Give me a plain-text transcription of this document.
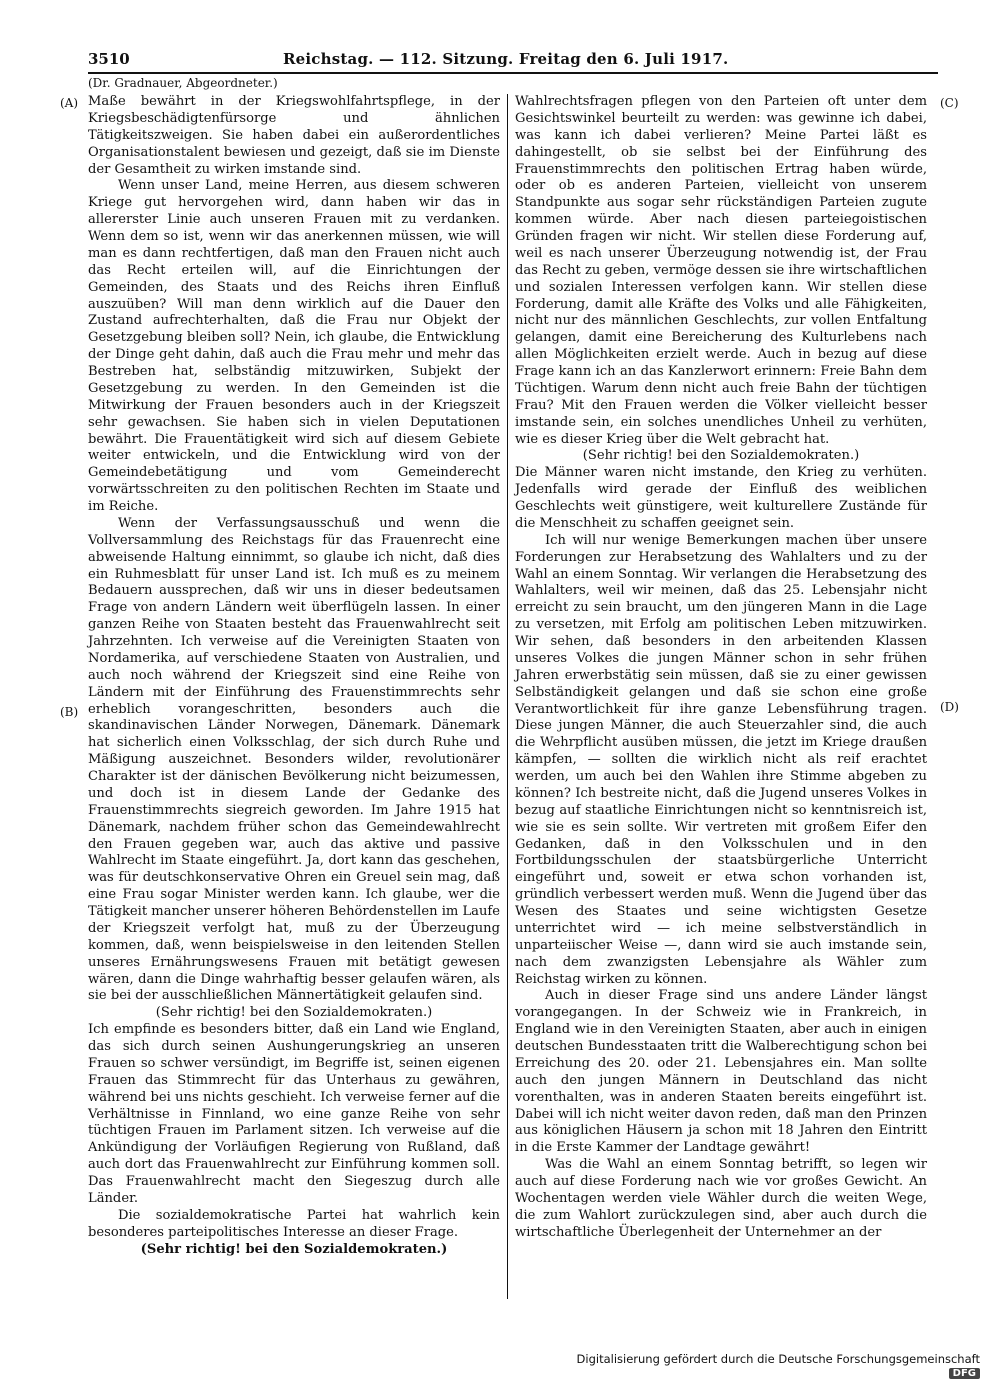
3510	Reichstag. — 112. Sitzung. Freitag den 6. Juli 1917.
(Dr. Gradnauer, Abgeordneter.)
(A)
(B)
(C)
(D)

Maße bewährt in der Kriegswohlfahrtspflege, in der Kriegsbeschädigtenfürsorge und ähnlichen Tätigkeitszweigen. Sie haben dabei ein außerordentliches Organisationstalent bewiesen und gezeigt, daß sie im Dienste der Gesamtheit zu wirken imstande sind.

Wenn unser Land, meine Herren, aus diesem schweren Kriege gut hervorgehen wird, dann haben wir das in allererster Linie auch unseren Frauen mit zu verdanken. Wenn dem so ist, wenn wir das anerkennen müssen, wie will man es dann rechtfertigen, daß man den Frauen nicht auch das Recht erteilen will, auf die Einrichtungen der Gemeinden, des Staats und des Reichs ihren Einfluß auszuüben? Will man denn wirklich auf die Dauer den Zustand aufrechterhalten, daß die Frau nur Objekt der Gesetzgebung bleiben soll? Nein, ich glaube, die Entwicklung der Dinge geht dahin, daß auch die Frau mehr und mehr das Bestreben hat, selbständig mitzuwirken, Subjekt der Gesetzgebung zu werden. In den Gemeinden ist die Mitwirkung der Frauen besonders auch in der Kriegszeit sehr gewachsen. Sie haben sich in vielen Deputationen bewährt. Die Frauentätigkeit wird sich auf diesem Gebiete weiter entwickeln, und die Entwicklung wird von der Gemeindebetätigung und vom Gemeinderecht vorwärtsschreiten zu den politischen Rechten im Staate und im Reiche.

Wenn der Verfassungsausschuß und wenn die Vollversammlung des Reichstags für das Frauenrecht eine abweisende Haltung einnimmt, so glaube ich nicht, daß dies ein Ruhmesblatt für unser Land ist. Ich muß es zu meinem Bedauern aussprechen, daß wir uns in dieser bedeutsamen Frage von andern Ländern weit überflügeln lassen. In einer ganzen Reihe von Staaten besteht das Frauenwahlrecht seit Jahrzehnten. Ich verweise auf die Vereinigten Staaten von Nordamerika, auf verschiedene Staaten von Australien, und auch noch während der Kriegszeit sind eine Reihe von Ländern mit der Einführung des Frauenstimmrechts sehr erheblich vorangeschritten, besonders auch die skandinavischen Länder Norwegen, Dänemark. Dänemark hat sicherlich einen Volksschlag, der sich durch Ruhe und Mäßigung auszeichnet. Besonders wilder, revolutionärer Charakter ist der dänischen Bevölkerung nicht beizumessen, und doch ist in diesem Lande der Gedanke des Frauenstimmrechts siegreich geworden. Im Jahre 1915 hat Dänemark, nachdem früher schon das Gemeindewahlrecht den Frauen gegeben war, auch das aktive und passive Wahlrecht im Staate eingeführt. Ja, dort kann das geschehen, was für deutschkonservative Ohren ein Greuel sein mag, daß eine Frau sogar Minister werden kann. Ich glaube, wer die Tätigkeit mancher unserer höheren Behördenstellen im Laufe der Kriegszeit verfolgt hat, muß zu der Überzeugung kommen, daß, wenn beispielsweise in den leitenden Stellen unseres Ernährungswesens Frauen mit betätigt gewesen wären, dann die Dinge wahrhaftig besser gelaufen wären, als sie bei der ausschließlichen Männertätigkeit gelaufen sind.

(Sehr richtig! bei den Sozialdemokraten.)

Ich empfinde es besonders bitter, daß ein Land wie England, das sich durch seinen Aushungerungskrieg an unseren Frauen so schwer versündigt, im Begriffe ist, seinen eigenen Frauen das Stimmrecht für das Unterhaus zu gewähren, während bei uns nichts geschieht. Ich verweise ferner auf die Verhältnisse in Finnland, wo eine ganze Reihe von sehr tüchtigen Frauen im Parlament sitzen. Ich verweise auf die Ankündigung der Vorläufigen Regierung von Rußland, daß auch dort das Frauenwahlrecht zur Einführung kommen soll. Das Frauenwahlrecht macht den Siegeszug durch alle Länder.

Die sozialdemokratische Partei hat wahrlich kein besonderes parteipolitisches Interesse an dieser Frage.

(Sehr richtig! bei den Sozialdemokraten.)

Wahlrechtsfragen pflegen von den Parteien oft unter dem Gesichtswinkel beurteilt zu werden: was gewinne ich dabei, was kann ich dabei verlieren? Meine Partei läßt es dahingestellt, ob sie selbst bei der Einführung des Frauenstimmrechts den politischen Ertrag haben würde, oder ob es anderen Parteien, vielleicht von unserem Standpunkte aus sogar sehr rückständigen Parteien zugute kommen würde. Aber nach diesen parteiegoistischen Gründen fragen wir nicht. Wir stellen diese Forderung auf, weil es nach unserer Überzeugung notwendig ist, der Frau das Recht zu geben, vermöge dessen sie ihre wirtschaftlichen und sozialen Interessen verfolgen kann. Wir stellen diese Forderung, damit alle Kräfte des Volks und alle Fähigkeiten, nicht nur des männlichen Geschlechts, zur vollen Entfaltung gelangen, damit eine Bereicherung des Kulturlebens nach allen Möglichkeiten erzielt werde. Auch in bezug auf diese Frage kann ich an das Kanzlerwort erinnern: Freie Bahn dem Tüchtigen. Warum denn nicht auch freie Bahn der tüchtigen Frau? Mit den Frauen werden die Völker vielleicht besser imstande sein, ein solches unendliches Unheil zu verhüten, wie es dieser Krieg über die Welt gebracht hat.

(Sehr richtig! bei den Sozialdemokraten.)

Die Männer waren nicht imstande, den Krieg zu verhüten. Jedenfalls wird gerade der Einfluß des weiblichen Geschlechts weit günstigere, weit kulturellere Zustände für die Menschheit zu schaffen geeignet sein.

Ich will nur wenige Bemerkungen machen über unsere Forderungen zur Herabsetzung des Wahlalters und zu der Wahl an einem Sonntag. Wir verlangen die Herabsetzung des Wahlalters, weil wir meinen, daß das 25. Lebensjahr nicht erreicht zu sein braucht, um den jüngeren Mann in die Lage zu versetzen, mit Erfolg am politischen Leben mitzuwirken. Wir sehen, daß besonders in den arbeitenden Klassen unseres Volkes die jungen Männer schon in sehr frühen Jahren erwerbstätig sein müssen, daß sie zu einer gewissen Selbständigkeit gelangen und daß sie schon eine große Verantwortlichkeit für ihre ganze Lebensführung tragen. Diese jungen Männer, die auch Steuerzahler sind, die auch die Wehrpflicht ausüben müssen, die jetzt im Kriege draußen kämpfen, — sollten die wirklich nicht als reif erachtet werden, um auch bei den Wahlen ihre Stimme abgeben zu können? Ich bestreite nicht, daß die Jugend unseres Volkes in bezug auf staatliche Einrichtungen nicht so kenntnisreich ist, wie sie es sein sollte. Wir vertreten mit großem Eifer den Gedanken, daß in den Volksschulen und in den Fortbildungsschulen der staatsbürgerliche Unterricht eingeführt und, soweit er etwa schon vorhanden ist, gründlich verbessert werden muß. Wenn die Jugend über das Wesen des Staates und seine wichtigsten Gesetze unterrichtet wird — ich meine selbstverständlich in unparteiischer Weise —, dann wird sie auch imstande sein, nach dem zwanzigsten Lebensjahre als Wähler zum Reichstag wirken zu können.

Auch in dieser Frage sind uns andere Länder längst vorangegangen. In der Schweiz wie in Frankreich, in England wie in den Vereinigten Staaten, aber auch in einigen deutschen Bundesstaaten tritt die Walberechtigung schon bei Erreichung des 20. oder 21. Lebensjahres ein. Man sollte auch den jungen Männern in Deutschland das nicht vorenthalten, was in anderen Staaten bereits eingeführt ist. Dabei will ich nicht weiter davon reden, daß man den Prinzen aus königlichen Häusern ja schon mit 18 Jahren den Eintritt in die Erste Kammer der Landtage gewährt!

Was die Wahl an einem Sonntag betrifft, so legen wir auch auf diese Forderung nach wie vor großes Gewicht. An Wochentagen werden viele Wähler durch die weiten Wege, die zum Wahlort zurückzulegen sind, aber auch durch die wirtschaftliche Überlegenheit der Unternehmer an der

Digitalisierung gefördert durch die Deutsche Forschungsgemeinschaft DFG
